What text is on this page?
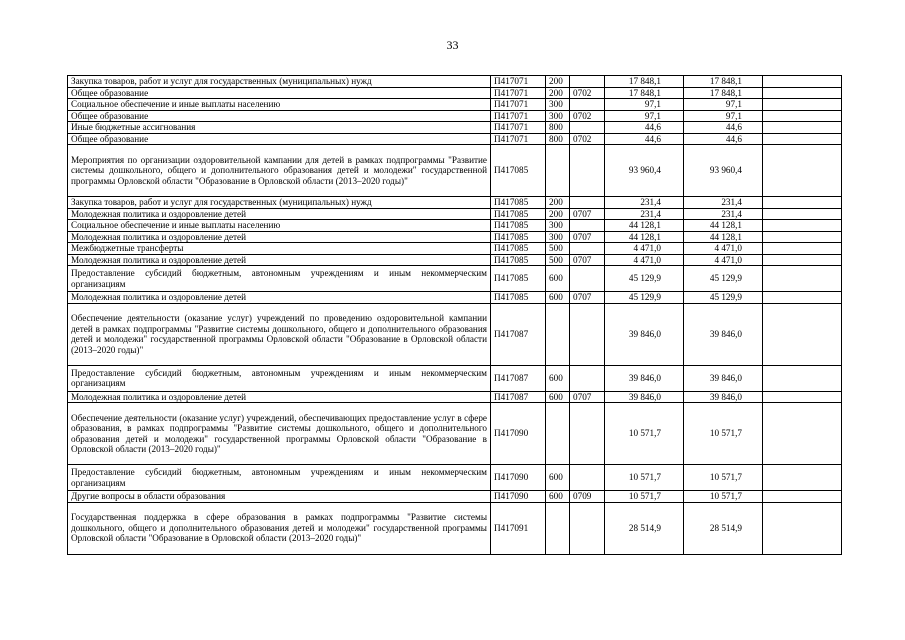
33
Закупка товаров, работ и услуг для государственных (муниципальных) нужд	П417071	200		17 848,1	17 848,1	
Общее образование	П417071	200	0702	17 848,1	17 848,1	
Социальное обеспечение и иные выплаты населению	П417071	300		97,1	97,1	
Общее образование	П417071	300	0702	97,1	97,1	
Иные бюджетные ассигнования	П417071	800		44,6	44,6	
Общее образование	П417071	800	0702	44,6	44,6	
Мероприятия по организации оздоровительной кампании для детей в рамках подпрограммы "Развитие системы дошкольного, общего и дополнительного образования детей и молодежи" государственной программы Орловской области "Образование в Орловской области (2013–2020 годы)"	П417085			93 960,4	93 960,4	
Закупка товаров, работ и услуг для государственных (муниципальных) нужд	П417085	200		231,4	231,4	
Молодежная политика и оздоровление детей	П417085	200	0707	231,4	231,4	
Социальное обеспечение и иные выплаты населению	П417085	300		44 128,1	44 128,1	
Молодежная политика и оздоровление детей	П417085	300	0707	44 128,1	44 128,1	
Межбюджетные трансферты	П417085	500		4 471,0	4 471,0	
Молодежная политика и оздоровление детей	П417085	500	0707	4 471,0	4 471,0	
Предоставление субсидий бюджетным, автономным учреждениям и иным некоммерческим организациям	П417085	600		45 129,9	45 129,9	
Молодежная политика и оздоровление детей	П417085	600	0707	45 129,9	45 129,9	
Обеспечение деятельности (оказание услуг) учреждений по проведению оздоровительной кампании детей в рамках подпрограммы "Развитие системы дошкольного, общего и дополнительного образования детей и молодежи" государственной программы Орловской области "Образование в Орловской области (2013–2020 годы)"	П417087			39 846,0	39 846,0	
Предоставление субсидий бюджетным, автономным учреждениям и иным некоммерческим организациям	П417087	600		39 846,0	39 846,0	
Молодежная политика и оздоровление детей	П417087	600	0707	39 846,0	39 846,0	
Обеспечение деятельности (оказание услуг) учреждений, обеспечивающих предоставление услуг в сфере образования, в рамках подпрограммы "Развитие системы дошкольного, общего и дополнительного образования детей и молодежи" государственной программы Орловской области "Образование в Орловской области (2013–2020 годы)"	П417090			10 571,7	10 571,7	
Предоставление субсидий бюджетным, автономным учреждениям и иным некоммерческим организациям	П417090	600		10 571,7	10 571,7	
Другие вопросы в области образования	П417090	600	0709	10 571,7	10 571,7	
Государственная поддержка в сфере образования в рамках подпрограммы "Развитие системы дошкольного, общего и дополнительного образования детей и молодежи" государственной программы Орловской области "Образование в Орловской области (2013–2020 годы)"	П417091			28 514,9	28 514,9	
